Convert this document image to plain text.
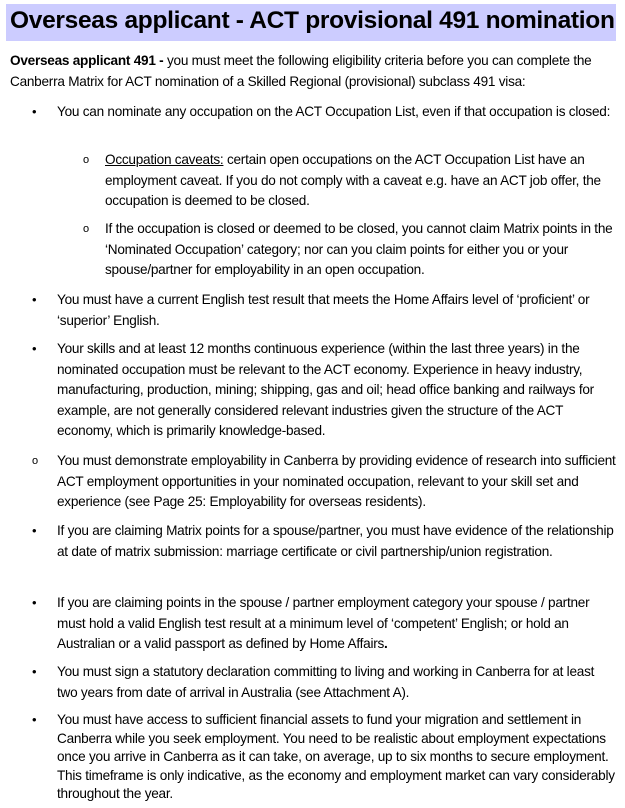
Overseas applicant - ACT provisional 491 nomination

Overseas applicant 491 - you must meet the following eligibility criteria before you can complete the Canberra Matrix for ACT nomination of a Skilled Regional (provisional) subclass 491 visa:

• You can nominate any occupation on the ACT Occupation List, even if that occupation is closed:
o Occupation caveats: certain open occupations on the ACT Occupation List have an employment caveat. If you do not comply with a caveat e.g. have an ACT job offer, the occupation is deemed to be closed.
o If the occupation is closed or deemed to be closed, you cannot claim Matrix points in the ‘Nominated Occupation’ category; nor can you claim points for either you or your spouse/partner for employability in an open occupation.
• You must have a current English test result that meets the Home Affairs level of ‘proficient’ or ‘superior’ English.
• Your skills and at least 12 months continuous experience (within the last three years) in the nominated occupation must be relevant to the ACT economy. Experience in heavy industry, manufacturing, production, mining; shipping, gas and oil; head office banking and railways for example, are not generally considered relevant industries given the structure of the ACT economy, which is primarily knowledge-based.
o You must demonstrate employability in Canberra by providing evidence of research into sufficient ACT employment opportunities in your nominated occupation, relevant to your skill set and experience (see Page 25: Employability for overseas residents).
• If you are claiming Matrix points for a spouse/partner, you must have evidence of the relationship at date of matrix submission: marriage certificate or civil partnership/union registration.
• If you are claiming points in the spouse / partner employment category your spouse / partner must hold a valid English test result at a minimum level of ‘competent’ English; or hold an Australian or a valid passport as defined by Home Affairs.
• You must sign a statutory declaration committing to living and working in Canberra for at least two years from date of arrival in Australia (see Attachment A).
• You must have access to sufficient financial assets to fund your migration and settlement in Canberra while you seek employment. You need to be realistic about employment expectations once you arrive in Canberra as it can take, on average, up to six months to secure employment. This timeframe is only indicative, as the economy and employment market can vary considerably throughout the year.
